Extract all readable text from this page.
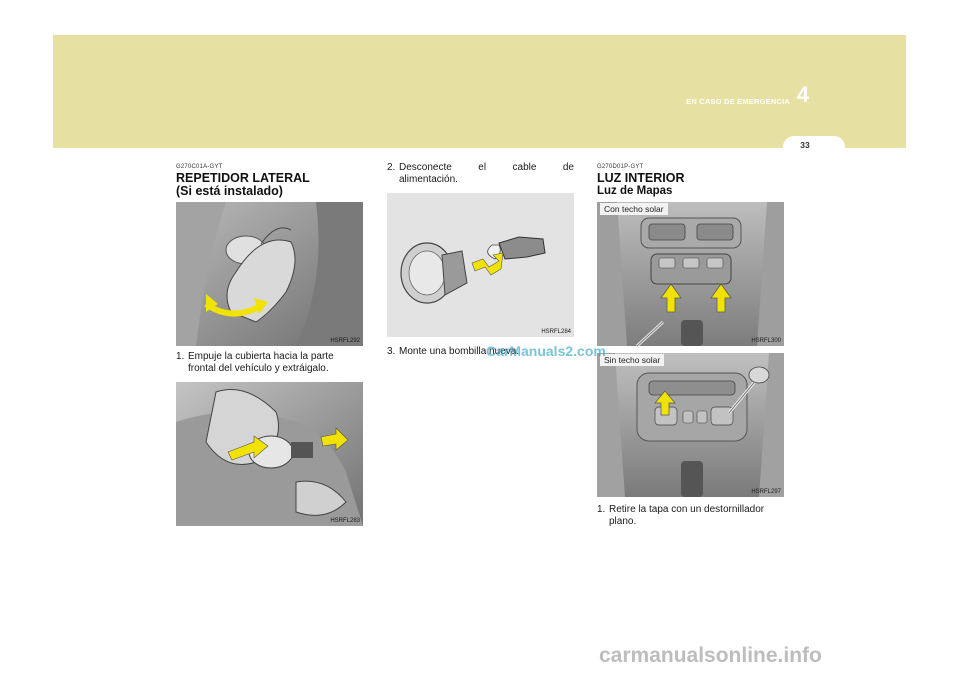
EN CASO DE EMERGENCIA 4
33
G270C01A-GYT
REPETIDOR LATERAL
(Si está instalado)
HSRFL292
1. Empuje la cubierta hacia la parte
frontal del vehículo y extráigalo.
HSRFL283
2. Desconecte el cable de
alimentación.
HSRFL284
3. Monte una bombilla nueva.
G270D01P-GYT
LUZ INTERIOR
Luz de Mapas
Con techo solar
HSRFL300
Sin techo solar
HSRFL297
1. Retire la tapa con un destornillador
plano.
CarManuals2.com
carmanualsonline.info
